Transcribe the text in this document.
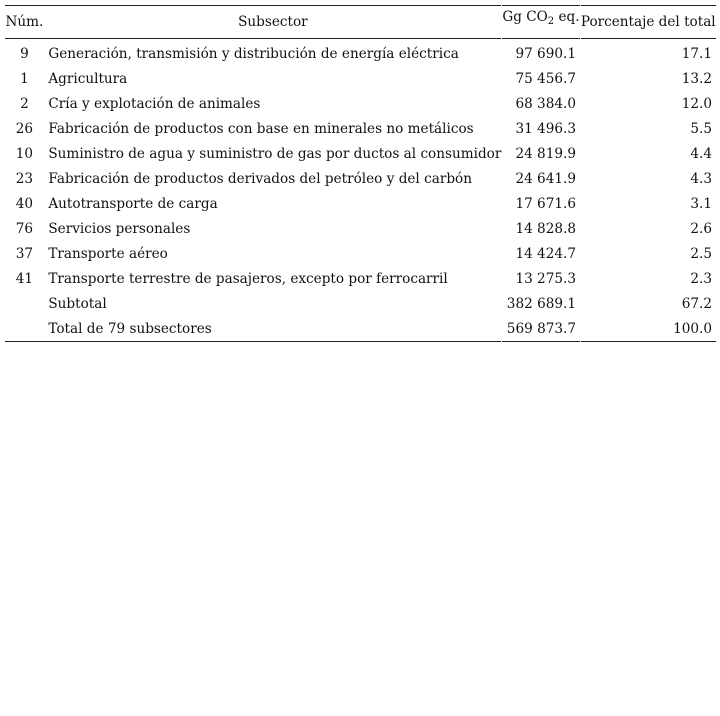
Núm.		Subsector		Gg $CO_2$ eq.		Porcentaje del total
9		Generación, transmisión y distribución de energía eléctrica		97 690.1		17.1
1		Agricultura		75 456.7		13.2
2		Cría y explotación de animales		68 384.0		12.0
26		Fabricación de productos con base en minerales no metálicos		31 496.3		5.5
10		Suministro de agua y suministro de gas por ductos al consumidor		24 819.9		4.4
23		Fabricación de productos derivados del petróleo y del carbón		24 641.9		4.3
40		Autotransporte de carga		17 671.6		3.1
76		Servicios personales		14 828.8		2.6
37		Transporte aéreo		14 424.7		2.5
41		Transporte terrestre de pasajeros, excepto por ferrocarril		13 275.3		2.3
		Subtotal		382 689.1		67.2
		Total de 79 subsectores		569 873.7		100.0
